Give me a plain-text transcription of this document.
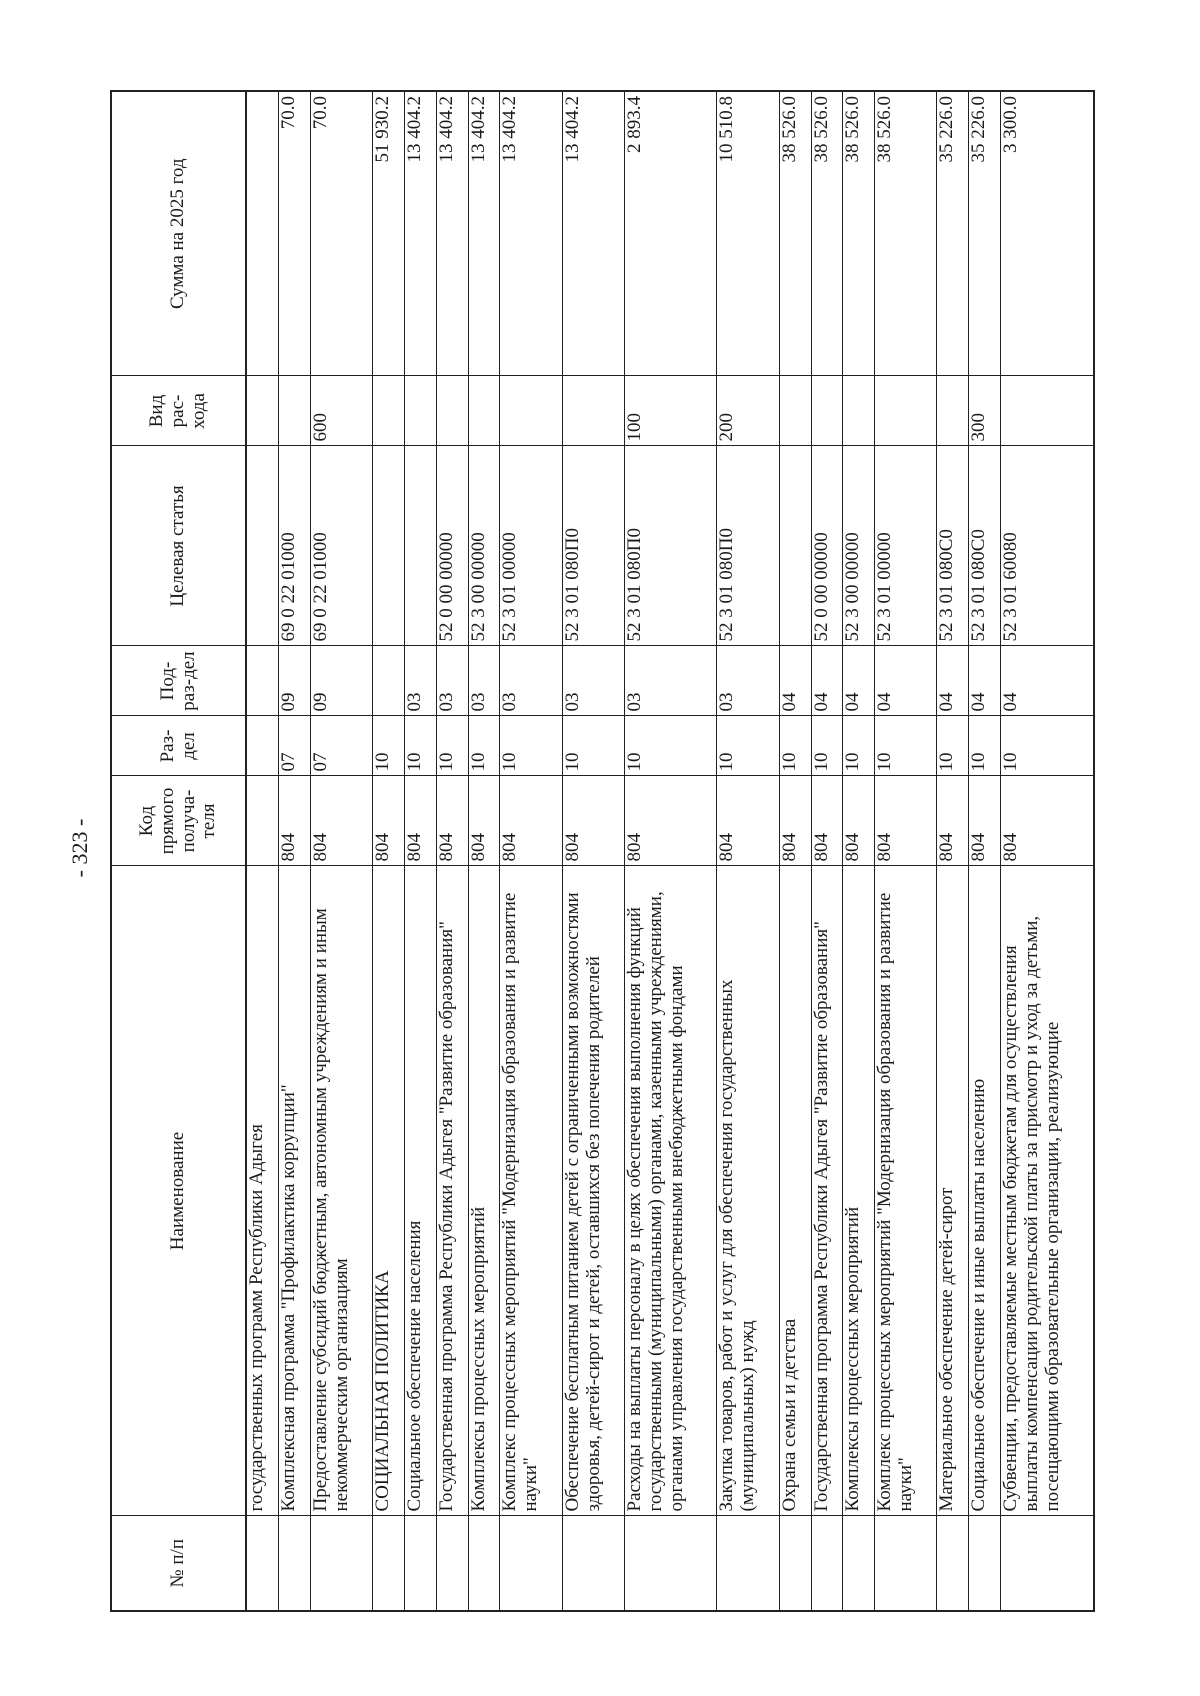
- 323 -
№ п/п	Наименование	Код прямого получа-теля	Раз-дел	Под-раз-дел	Целевая статья	Вид рас-хода	Сумма на 2025 год
	государственных программ Республики Адыгея						
	Комплексная программа "Профилактика коррупции"	804	07	09	69 0 22 01000		70.0
	Предоставление субсидий бюджетным, автономным учреждениям и иным некоммерческим организациям	804	07	09	69 0 22 01000	600	70.0
	СОЦИАЛЬНАЯ ПОЛИТИКА	804	10				51 930.2
	Социальное обеспечение населения	804	10	03			13 404.2
	Государственная программа Республики Адыгея "Развитие образования"	804	10	03	52 0 00 00000		13 404.2
	Комплексы процессных мероприятий	804	10	03	52 3 00 00000		13 404.2
	Комплекс процессных мероприятий "Модернизация образования и развитие науки"	804	10	03	52 3 01 00000		13 404.2
	Обеспечение бесплатным питанием детей с ограниченными возможностями здоровья, детей-сирот и детей, оставшихся без попечения родителей	804	10	03	52 3 01 080П0		13 404.2
	Расходы на выплаты персоналу в целях обеспечения выполнения функций государственными (муниципальными) органами, казенными учреждениями, органами управления государственными внебюджетными фондами	804	10	03	52 3 01 080П0	100	2 893.4
	Закупка товаров, работ и услуг для обеспечения государственных (муниципальных) нужд	804	10	03	52 3 01 080П0	200	10 510.8
	Охрана семьи и детства	804	10	04			38 526.0
	Государственная программа Республики Адыгея "Развитие образования"	804	10	04	52 0 00 00000		38 526.0
	Комплексы процессных мероприятий	804	10	04	52 3 00 00000		38 526.0
	Комплекс процессных мероприятий "Модернизация образования и развитие науки"	804	10	04	52 3 01 00000		38 526.0
	Материальное обеспечение детей-сирот	804	10	04	52 3 01 080С0		35 226.0
	Социальное обеспечение и иные выплаты населению	804	10	04	52 3 01 080С0	300	35 226.0
	Субвенции, предоставляемые местным бюджетам для осуществления выплаты компенсации родительской платы за присмотр и уход за детьми, посещающими образовательные организации, реализующие	804	10	04	52 3 01 60080		3 300.0
